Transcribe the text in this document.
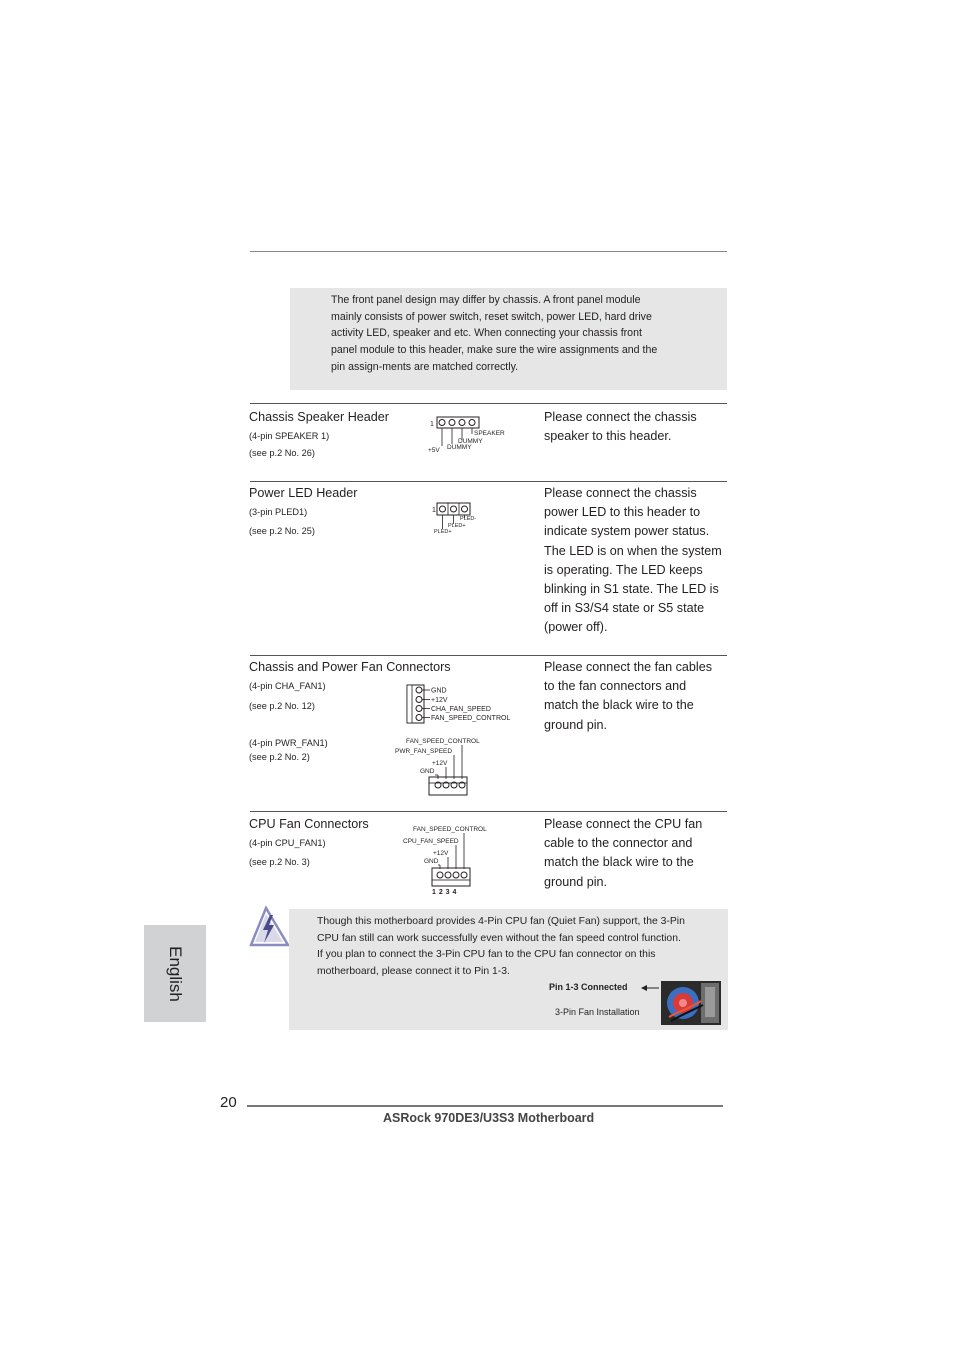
The front panel design may differ by chassis. A front panel module
mainly consists of power switch, reset switch, power LED, hard drive
activity LED, speaker and etc. When connecting your chassis front
panel module to this header, make sure the wire assignments and the
pin assign-ments are matched correctly.
Chassis Speaker Header
(4-pin SPEAKER 1)
(see p.2 No. 26)
1
SPEAKER
DUMMY
DUMMY
+5V
Please connect the chassis
speaker to this header.
Power LED Header
(3-pin PLED1)
(see p.2 No. 25)
1
PLED-
PLED+
PLED+
Please connect the chassis
power LED to this header to
indicate system power status.
The LED is on when the system
is operating. The LED keeps
blinking in S1 state. The LED is
off in S3/S4 state or S5 state
(power off).
Chassis and Power Fan Connectors
(4-pin CHA_FAN1)
(see p.2 No. 12)
(4-pin PWR_FAN1)
(see p.2 No. 2)
GND
+12V
CHA_FAN_SPEED
FAN_SPEED_CONTROL
FAN_SPEED_CONTROL
PWR_FAN_SPEED
+12V
GND
Please connect the fan cables
to the fan connectors and
match the black wire to the
ground pin.
CPU Fan Connectors
(4-pin CPU_FAN1)
(see p.2 No. 3)
FAN_SPEED_CONTROL
CPU_FAN_SPEED
+12V
GND
1 2 3 4
Please connect the CPU fan
cable to the connector and
match the black wire to the
ground pin.
Though this motherboard provides 4-Pin CPU fan (Quiet Fan) support, the 3-Pin
CPU fan still can work successfully even without the fan speed control function.
If you plan to connect the 3-Pin CPU fan to the CPU fan connector on this
motherboard, please connect it to Pin 1-3.
Pin 1-3 Connected
3-Pin Fan Installation
English
20
ASRock 970DE3/U3S3 Motherboard
